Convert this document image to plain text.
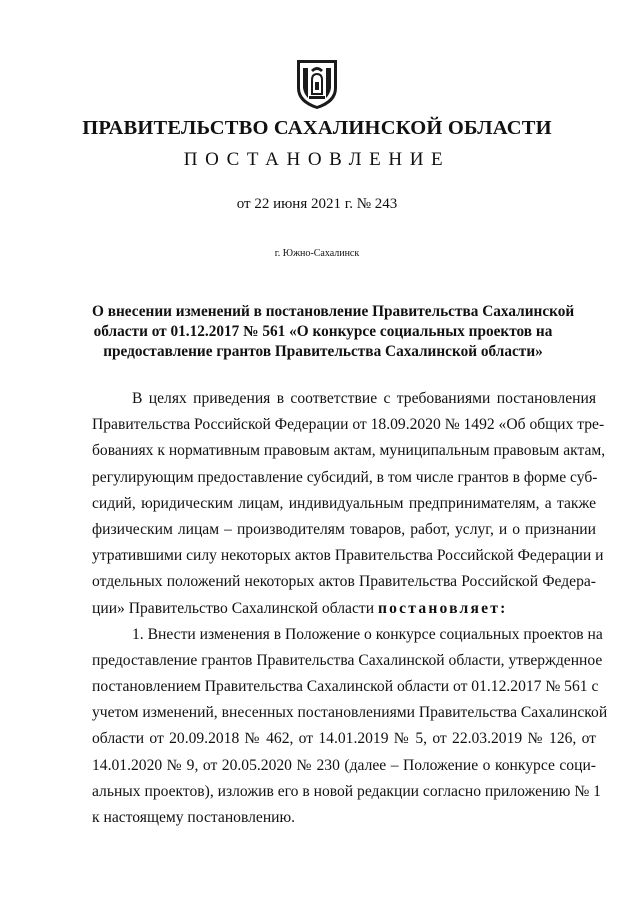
ПРАВИТЕЛЬСТВО САХАЛИНСКОЙ ОБЛАСТИ
ПОСТАНОВЛЕНИЕ
от 22 июня 2021 г. № 243
г. Южно-Сахалинск
О внесении изменений в постановление Правительства Сахалинской
области от 01.12.2017 № 561 «О конкурсе социальных проектов на
предоставление грантов Правительства Сахалинской области»
В целях приведения в соответствие с требованиями постановления
Правительства Российской Федерации от 18.09.2020 № 1492 «Об общих тре-
бованиях к нормативным правовым актам, муниципальным правовым актам,
регулирующим предоставление субсидий, в том числе грантов в форме суб-
сидий, юридическим лицам, индивидуальным предпринимателям, а также
физическим лицам – производителям товаров, работ, услуг, и о признании
утратившими силу некоторых актов Правительства Российской Федерации и
отдельных положений некоторых актов Правительства Российской Федера-
ции» Правительство Сахалинской области постановляет:
1. Внести изменения в Положение о конкурсе социальных проектов на
предоставление грантов Правительства Сахалинской области, утвержденное
постановлением Правительства Сахалинской области от 01.12.2017 № 561 с
учетом изменений, внесенных постановлениями Правительства Сахалинской
области от 20.09.2018 № 462, от 14.01.2019 № 5, от 22.03.2019 № 126, от
14.01.2020 № 9, от 20.05.2020 № 230 (далее – Положение о конкурсе соци-
альных проектов), изложив его в новой редакции согласно приложению № 1
к настоящему постановлению.
